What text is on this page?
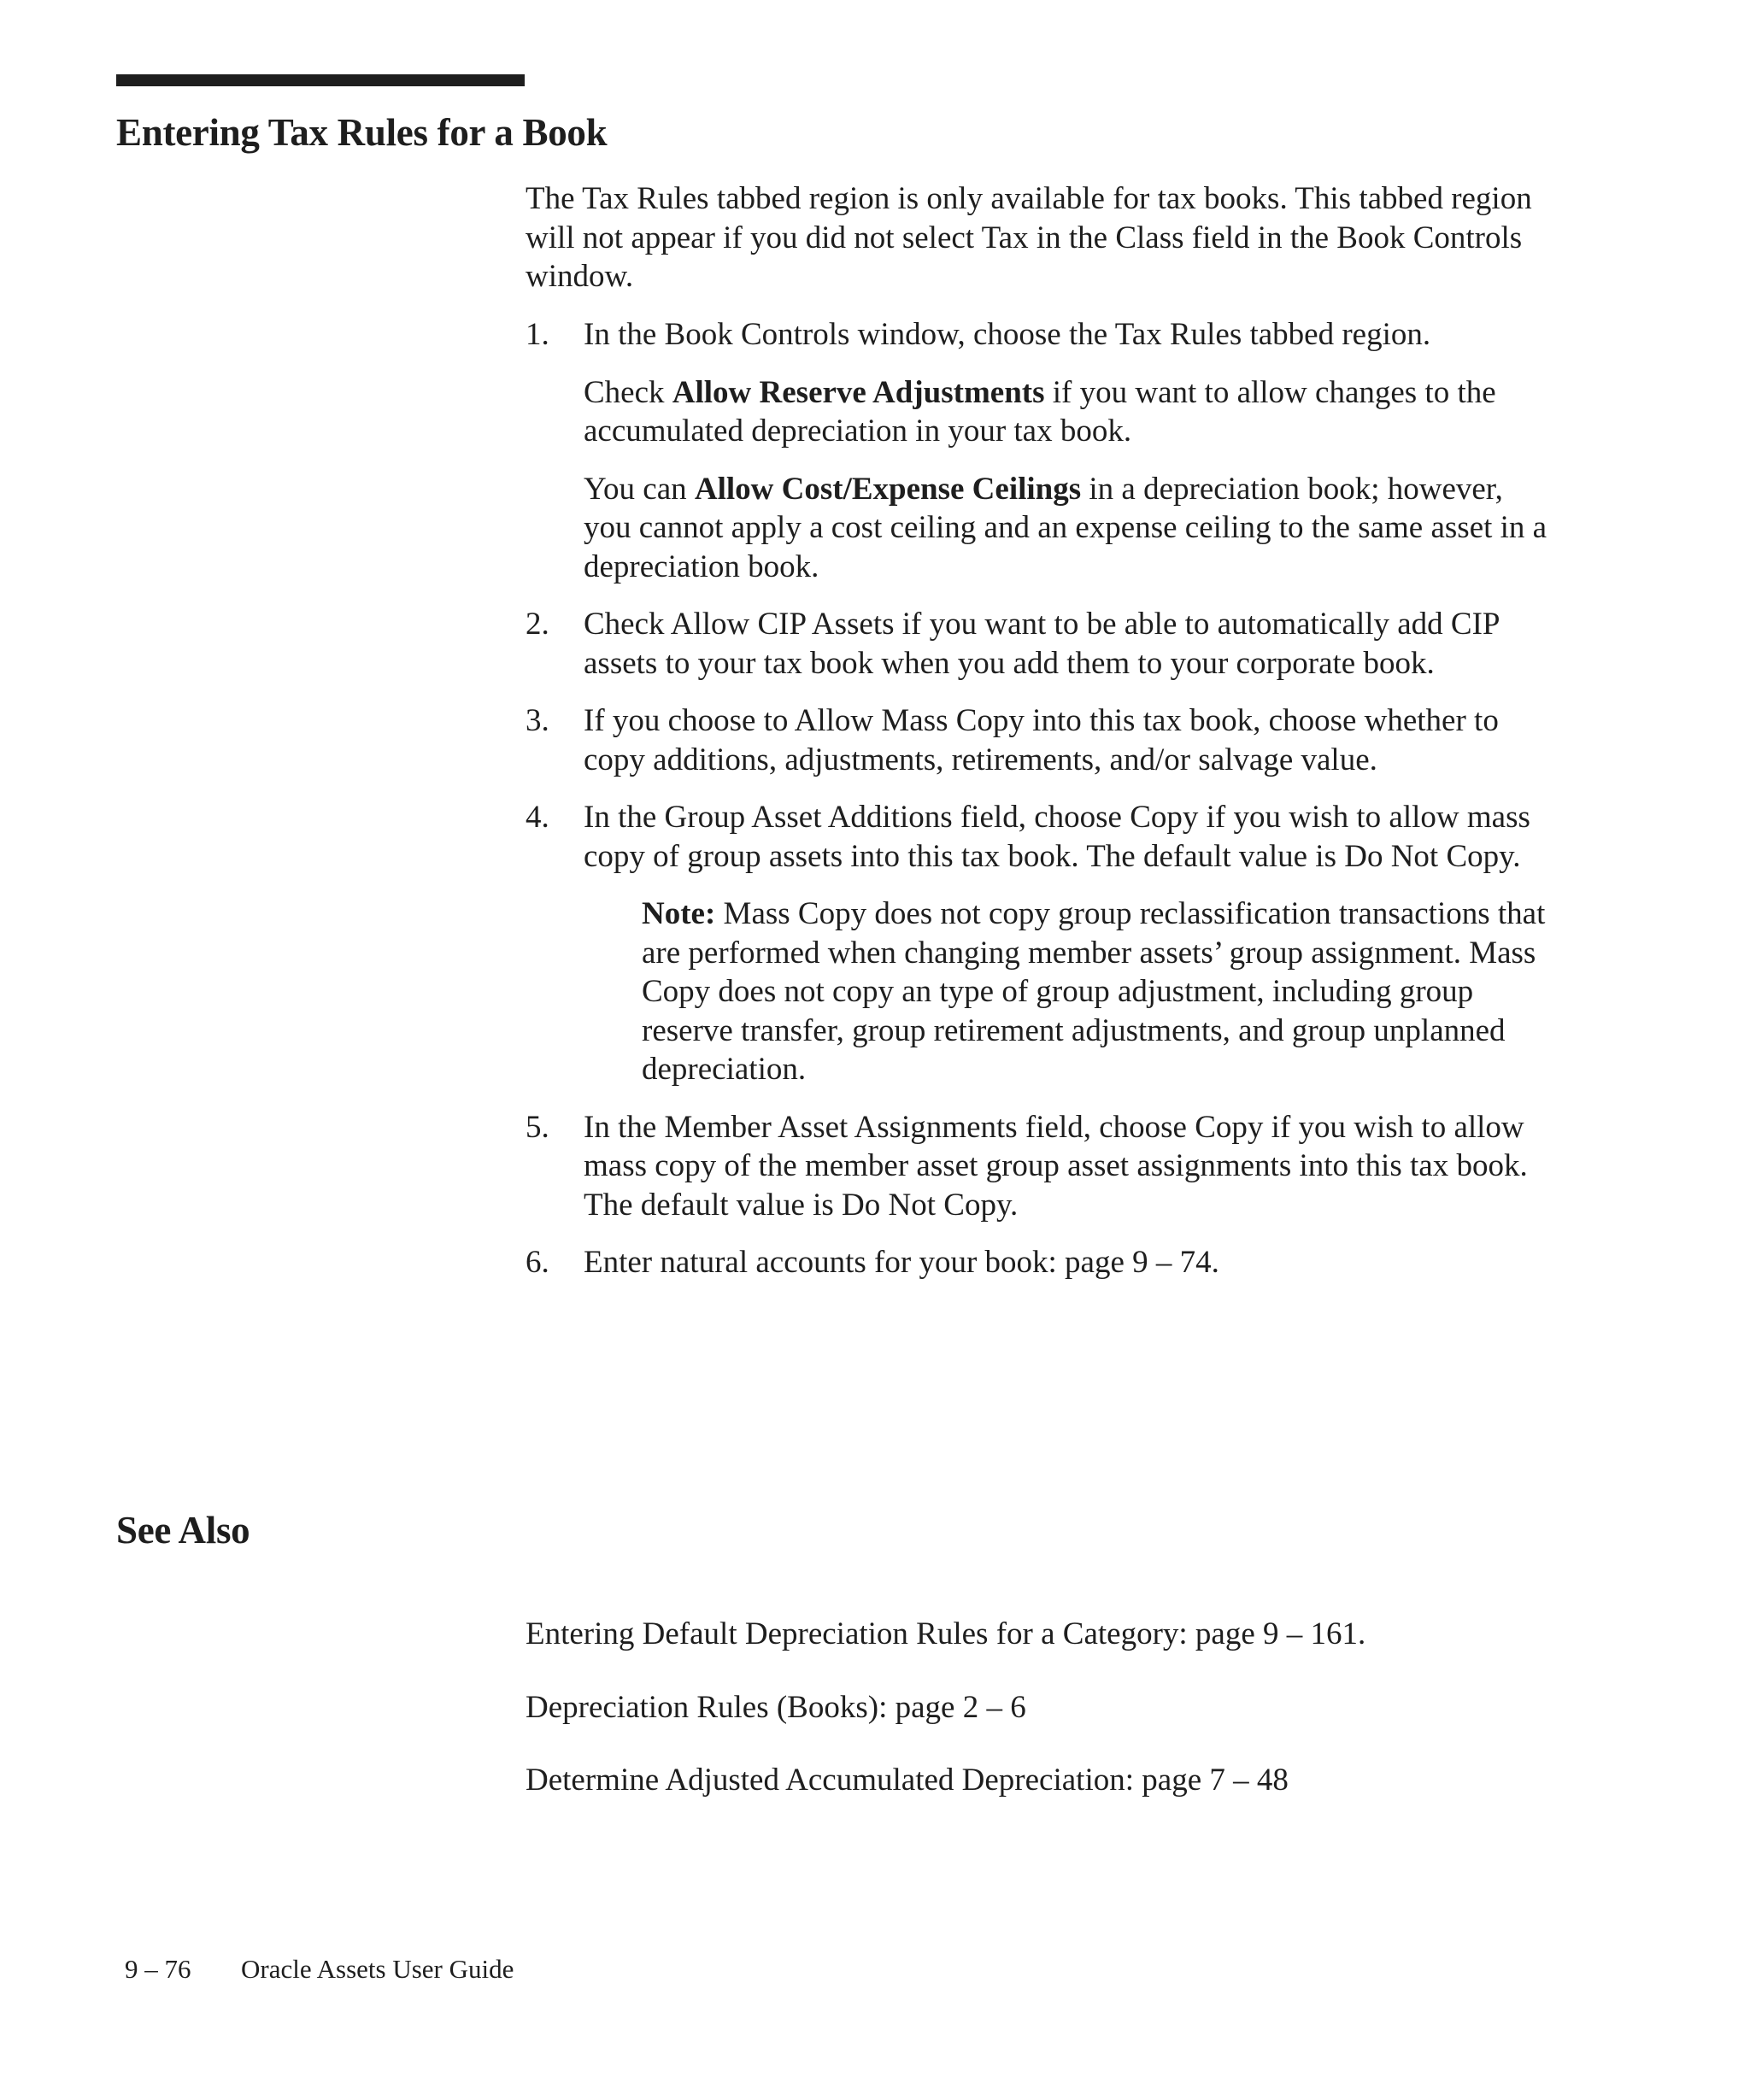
Entering Tax Rules for a Book

The Tax Rules tabbed region is only available for tax books. This tabbed region will not appear if you did not select Tax in the Class field in the Book Controls window.

1. In the Book Controls window, choose the Tax Rules tabbed region.

Check Allow Reserve Adjustments if you want to allow changes to the accumulated depreciation in your tax book.

You can Allow Cost/Expense Ceilings in a depreciation book; however, you cannot apply a cost ceiling and an expense ceiling to the same asset in a depreciation book.

2. Check Allow CIP Assets if you want to be able to automatically add CIP assets to your tax book when you add them to your corporate book.

3. If you choose to Allow Mass Copy into this tax book, choose whether to copy additions, adjustments, retirements, and/or salvage value.

4. In the Group Asset Additions field, choose Copy if you wish to allow mass copy of group assets into this tax book. The default value is Do Not Copy.

Note: Mass Copy does not copy group reclassification transactions that are performed when changing member assets’ group assignment. Mass Copy does not copy an type of group adjustment, including group reserve transfer, group retirement adjustments, and group unplanned depreciation.

5. In the Member Asset Assignments field, choose Copy if you wish to allow mass copy of the member asset group asset assignments into this tax book. The default value is Do Not Copy.

6. Enter natural accounts for your book: page 9 – 74.

See Also

Entering Default Depreciation Rules for a Category: page 9 – 161.

Depreciation Rules (Books): page 2 – 6

Determine Adjusted Accumulated Depreciation: page 7 – 48

9 – 76 Oracle Assets User Guide
